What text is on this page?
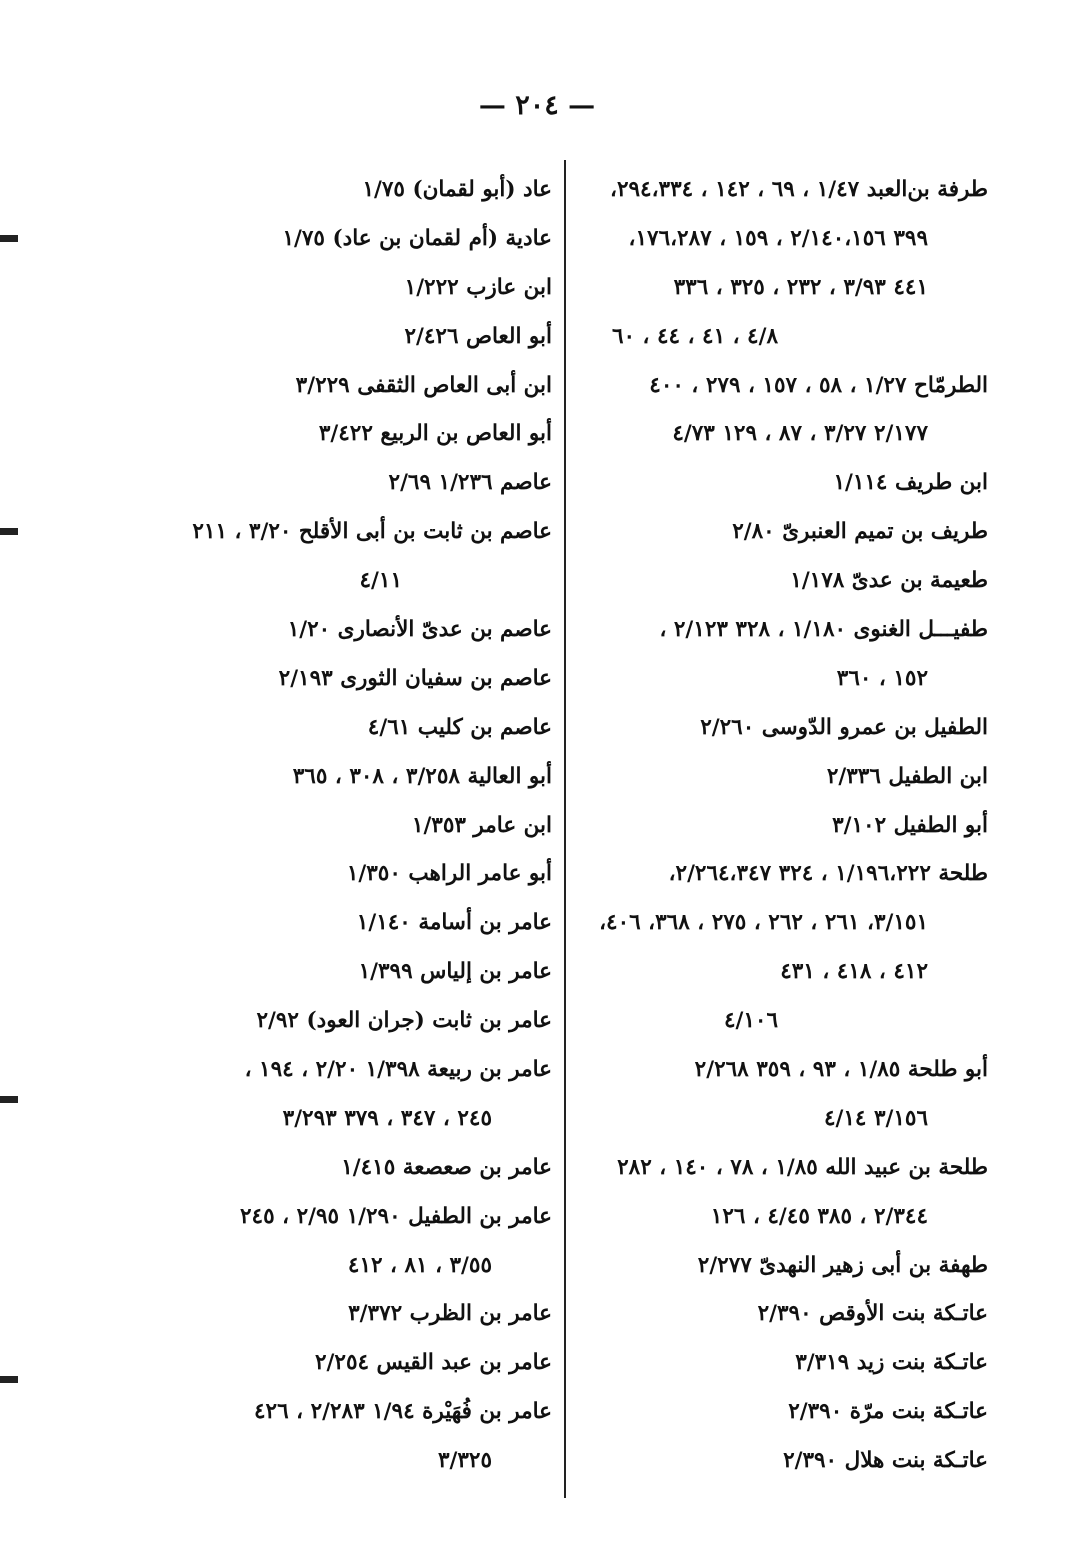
— ٢٠٤ —
طرفة بن‌العبد ١/٤٧ ، ٦٩ ، ١٤٢ ، ٢٩٤،٣٣٤،
٣٩٩ ٢/١٤٠،١٥٦ ، ١٥٩ ، ١٧٦،٢٨٧،
٤٤١ ٣/٩٣ ، ٢٣٢ ، ٣٢٥ ، ٣٣٦
٤/٨ ، ٤١ ، ٤٤ ، ٦٠
الطرمّاح ١/٢٧ ، ٥٨ ، ١٥٧ ، ٢٧٩ ، ٤٠٠
٢/١٧٧ ٣/٢٧ ، ٨٧ ، ١٢٩ ٤/٧٣
ابن طريف ١/١١٤
طريف بن تميم العنبرىّ ٢/٨٠
طعيمة بن عدىّ ١/١٧٨
طفيـــل الغنوى ١/١٨٠ ، ٣٢٨ ٢/١٢٣ ،
١٥٢ ، ٣٦٠
الطفيل بن عمرو الدّوسى ٢/٢٦٠
ابن الطفيل ٢/٣٣٦
أبو الطفيل ٣/١٠٢
طلحة ١/١٩٦،٢٢٢ ، ٣٢٤ ٢/٢٦٤،٣٤٧،
٣/١٥١، ٢٦١ ، ٢٦٢ ، ٢٧٥ ، ٣٦٨، ٤٠٦،
٤١٢ ، ٤١٨ ، ٤٣١
٤/١٠٦
أبو طلحة ١/٨٥ ، ٩٣ ، ٣٥٩ ٢/٢٦٨
٣/١٥٦ ٤/١٤
طلحة بن عبيد الله ١/٨٥ ، ٧٨ ، ١٤٠ ، ٢٨٢
٢/٣٤٤ ، ٣٨٥ ٤/٤٥ ، ١٢٦
طهفة بن أبى زهير النهدىّ ٢/٢٧٧
عاتـكة بنت الأوقص ٢/٣٩٠
عاتـكة بنت زيد ٣/٣١٩
عاتـكة بنت مرّة ٢/٣٩٠
عاتـكة بنت هلال ٢/٣٩٠
عاد (أبو لقمان) ١/٧٥
عادية (أم لقمان بن عاد) ١/٧٥
ابن عازب ١/٢٢٢
أبو العاص ٢/٤٢٦
ابن أبى العاص الثقفى ٣/٢٢٩
أبو العاص بن الربيع ٣/٤٢٢
عاصم ١/٢٣٦ ٢/٦٩
عاصم بن ثابت بن أبى الأقلح ٣/٢٠ ، ٢١١
٤/١١
عاصم بن عدىّ الأنصارى ١/٢٠
عاصم بن سفيان الثورى ٢/١٩٣
عاصم بن كليب ٤/٦١
أبو العالية ٣/٢٥٨ ، ٣٠٨ ، ٣٦٥
ابن عامر ١/٣٥٣
أبو عامر الراهب ١/٣٥٠
عامر بن أسامة ١/١٤٠
عامر بن إلياس ١/٣٩٩
عامر بن ثابت (جران العود) ٢/٩٢
عامر بن ربيعة ١/٣٩٨ ٢/٢٠ ، ١٩٤ ،
٢٤٥ ، ٣٤٧ ، ٣٧٩ ٣/٢٩٣
عامر بن صعصعة ١/٤١٥
عامر بن الطفيل ١/٢٩٠ ٢/٩٥ ، ٢٤٥
٣/٥٥ ، ٨١ ، ٤١٢
عامر بن الظرب ٣/٣٧٢
عامر بن عبد القيس ٢/٢٥٤
عامر بن فُهَيْرة ١/٩٤ ٢/٢٨٣ ، ٤٢٦
٣/٣٢٥
